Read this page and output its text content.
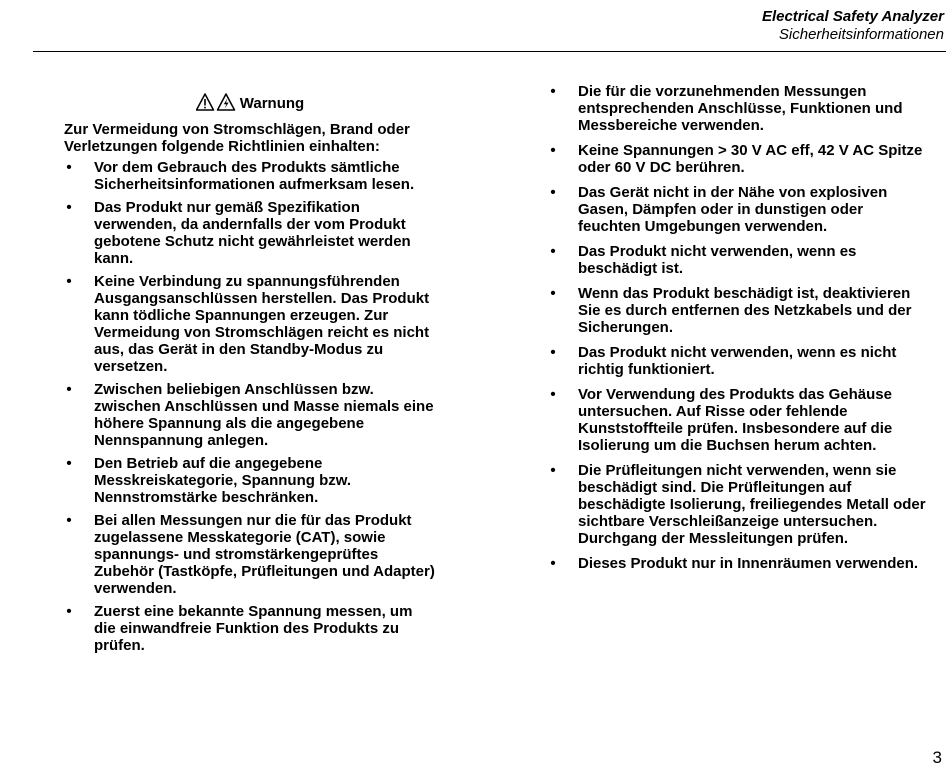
Electrical Safety Analyzer
Sicherheitsinformationen
Warnung
Zur Vermeidung von Stromschlägen, Brand oder Verletzungen folgende Richtlinien einhalten:
• Vor dem Gebrauch des Produkts sämtliche Sicherheitsinformationen aufmerksam lesen.
• Das Produkt nur gemäß Spezifikation verwenden, da andernfalls der vom Produkt gebotene Schutz nicht gewährleistet werden kann.
• Keine Verbindung zu spannungsführenden Ausgangsanschlüssen herstellen. Das Produkt kann tödliche Spannungen erzeugen. Zur Vermeidung von Stromschlägen reicht es nicht aus, das Gerät in den Standby-Modus zu versetzen.
• Zwischen beliebigen Anschlüssen bzw. zwischen Anschlüssen und Masse niemals eine höhere Spannung als die angegebene Nennspannung anlegen.
• Den Betrieb auf die angegebene Messkreiskategorie, Spannung bzw. Nennstromstärke beschränken.
• Bei allen Messungen nur die für das Produkt zugelassene Messkategorie (CAT), sowie spannungs- und stromstärkengeprüftes Zubehör (Tastköpfe, Prüfleitungen und Adapter) verwenden.
• Zuerst eine bekannte Spannung messen, um die einwandfreie Funktion des Produkts zu prüfen.
• Die für die vorzunehmenden Messungen entsprechenden Anschlüsse, Funktionen und Messbereiche verwenden.
• Keine Spannungen > 30 V AC eff, 42 V AC Spitze oder 60 V DC berühren.
• Das Gerät nicht in der Nähe von explosiven Gasen, Dämpfen oder in dunstigen oder feuchten Umgebungen verwenden.
• Das Produkt nicht verwenden, wenn es beschädigt ist.
• Wenn das Produkt beschädigt ist, deaktivieren Sie es durch entfernen des Netzkabels und der Sicherungen.
• Das Produkt nicht verwenden, wenn es nicht richtig funktioniert.
• Vor Verwendung des Produkts das Gehäuse untersuchen. Auf Risse oder fehlende Kunststoffteile prüfen. Insbesondere auf die Isolierung um die Buchsen herum achten.
• Die Prüfleitungen nicht verwenden, wenn sie beschädigt sind. Die Prüfleitungen auf beschädigte Isolierung, freiliegendes Metall oder sichtbare Verschleißanzeige untersuchen. Durchgang der Messleitungen prüfen.
• Dieses Produkt nur in Innenräumen verwenden.
3
